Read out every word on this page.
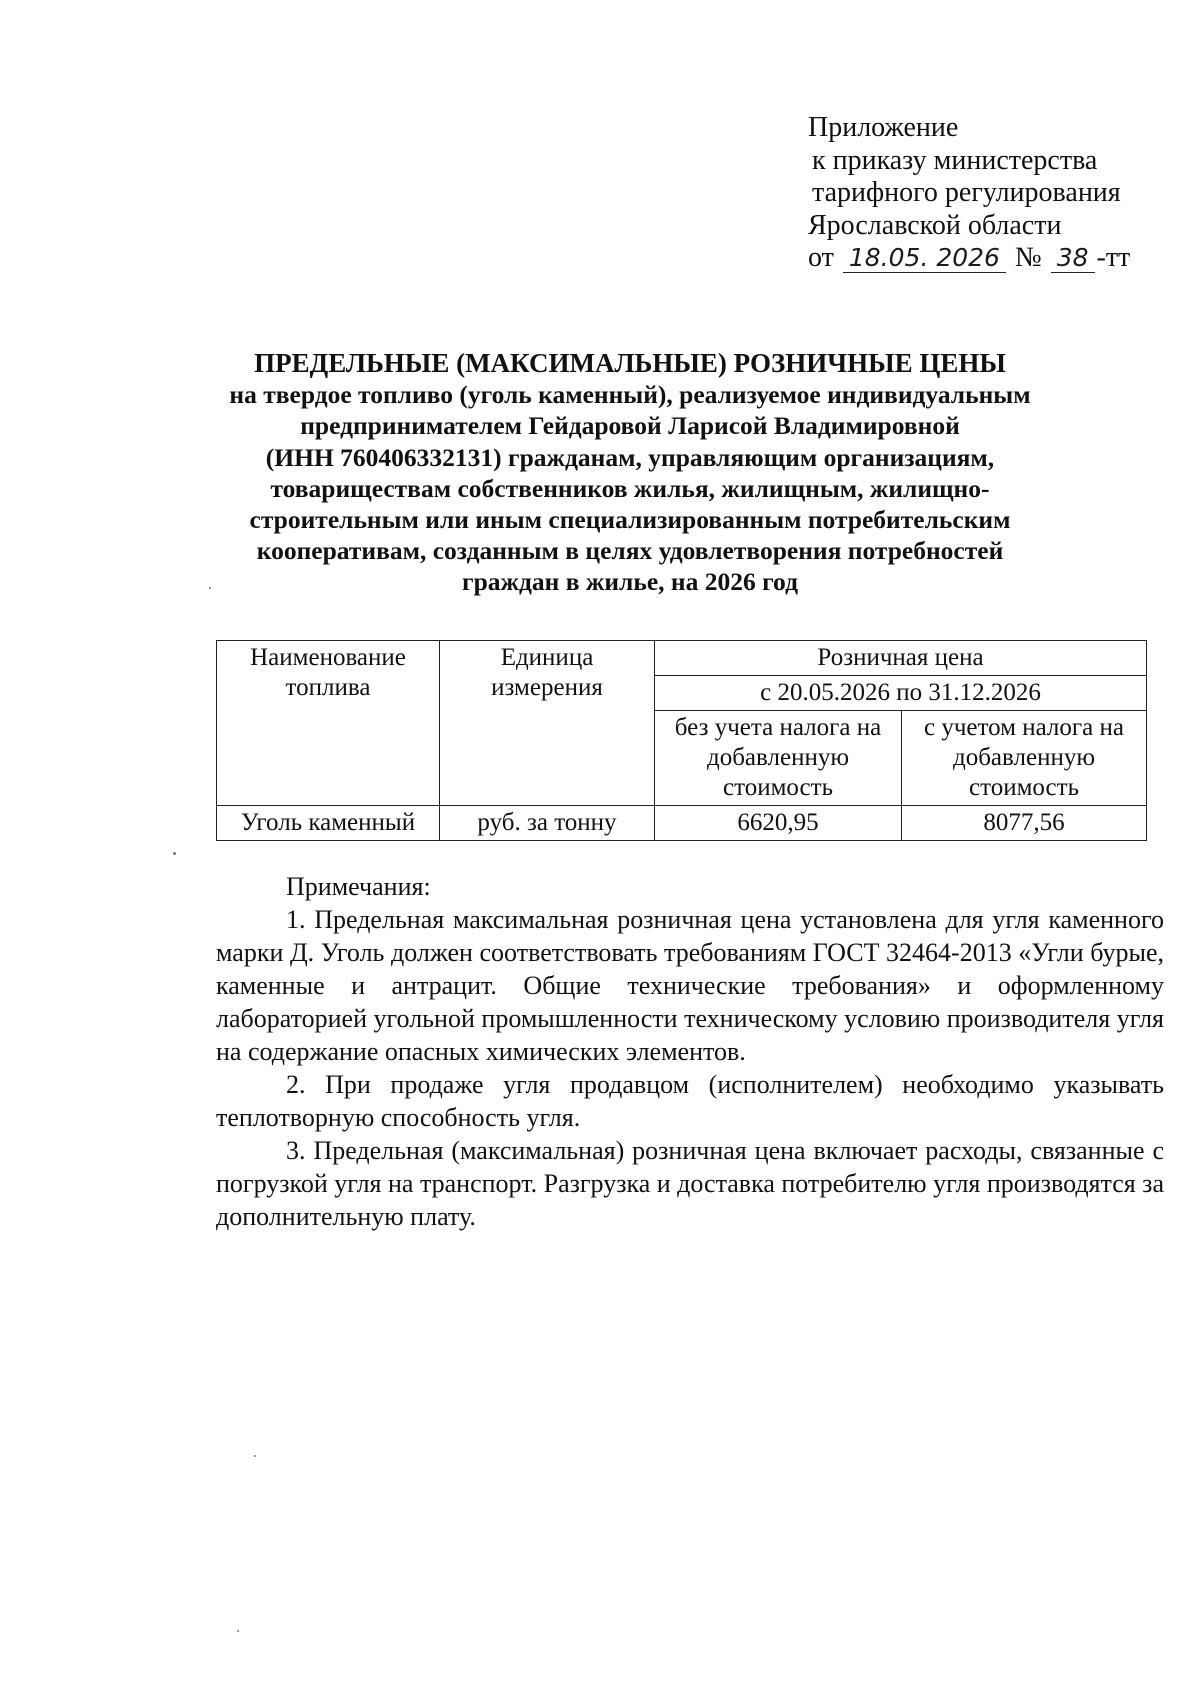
Приложение
к приказу министерства
тарифного регулирования
Ярославской области
от 18.05. 2026 № 38 -тт
ПРЕДЕЛЬНЫЕ (МАКСИМАЛЬНЫЕ) РОЗНИЧНЫЕ ЦЕНЫ
на твердое топливо (уголь каменный), реализуемое индивидуальным
предпринимателем Гейдаровой Ларисой Владимировной
(ИНН 760406332131) гражданам, управляющим организациям,
товариществам собственников жилья, жилищным, жилищно-
строительным или иным специализированным потребительским
кооперативам, созданным в целях удовлетворения потребностей
граждан в жилье, на 2026 год
Наименование топлива	Единица измерения	Розничная цена	
		с 20.05.2026 по 31.12.2026	
		без учета налога на добавленную стоимость	с учетом налога на добавленную стоимость
Уголь каменный	руб. за тонну	6620,95	8077,56
Примечания:

1. Предельная максимальная розничная цена установлена для угля каменного марки Д. Уголь должен соответствовать требованиям ГОСТ 32464-2013 «Угли бурые, каменные и антрацит. Общие технические требования» и оформленному лабораторией угольной промышленности техническому условию производителя угля на содержание опасных химических элементов.

2. При продаже угля продавцом (исполнителем) необходимо указывать теплотворную способность угля.

3. Предельная (максимальная) розничная цена включает расходы, связанные с погрузкой угля на транспорт. Разгрузка и доставка потребителю угля производятся за дополнительную плату.
